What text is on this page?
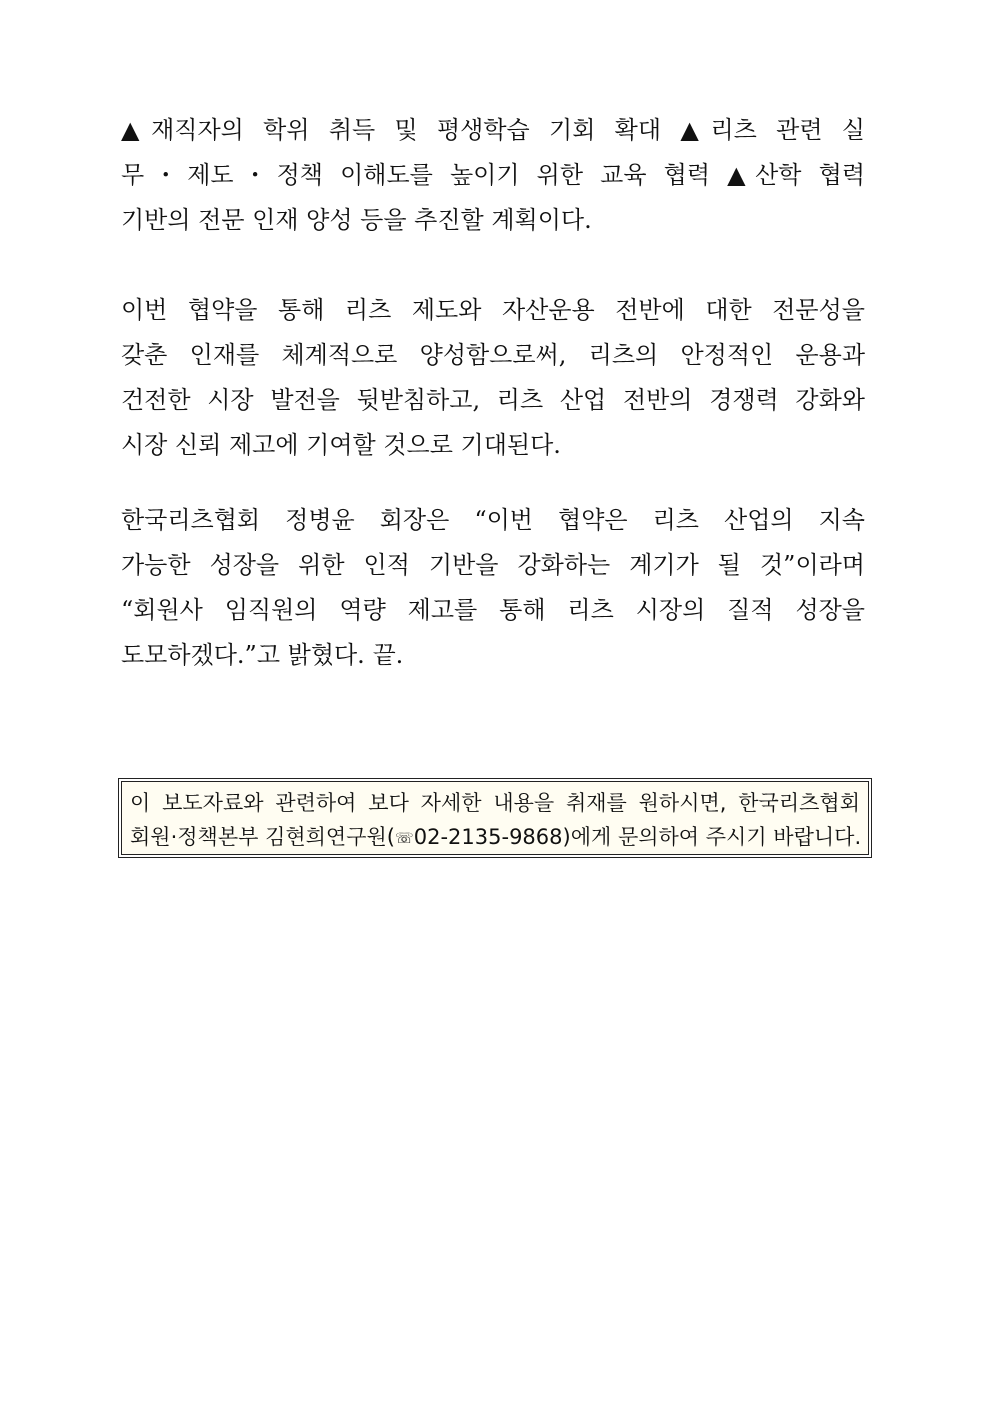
▲재직자의 학위 취득 및 평생학습 기회 확대 ▲리츠 관련 실
무・제도・정책 이해도를 높이기 위한 교육 협력 ▲산학 협력
기반의 전문 인재 양성 등을 추진할 계획이다.
이번 협약을 통해 리츠 제도와 자산운용 전반에 대한 전문성을
갖춘 인재를 체계적으로 양성함으로써, 리츠의 안정적인 운용과
건전한 시장 발전을 뒷받침하고, 리츠 산업 전반의 경쟁력 강화와
시장 신뢰 제고에 기여할 것으로 기대된다.
한국리츠협회 정병윤 회장은 “이번 협약은 리츠 산업의 지속
가능한 성장을 위한 인적 기반을 강화하는 계기가 될 것”이라며
“회원사 임직원의 역량 제고를 통해 리츠 시장의 질적 성장을
도모하겠다.”고 밝혔다. 끝.
이 보도자료와 관련하여 보다 자세한 내용을 취재를 원하시면, 한국리츠협회
회원·정책본부 김현희연구원(☏02-2135-9868)에게 문의하여 주시기 바랍니다.
